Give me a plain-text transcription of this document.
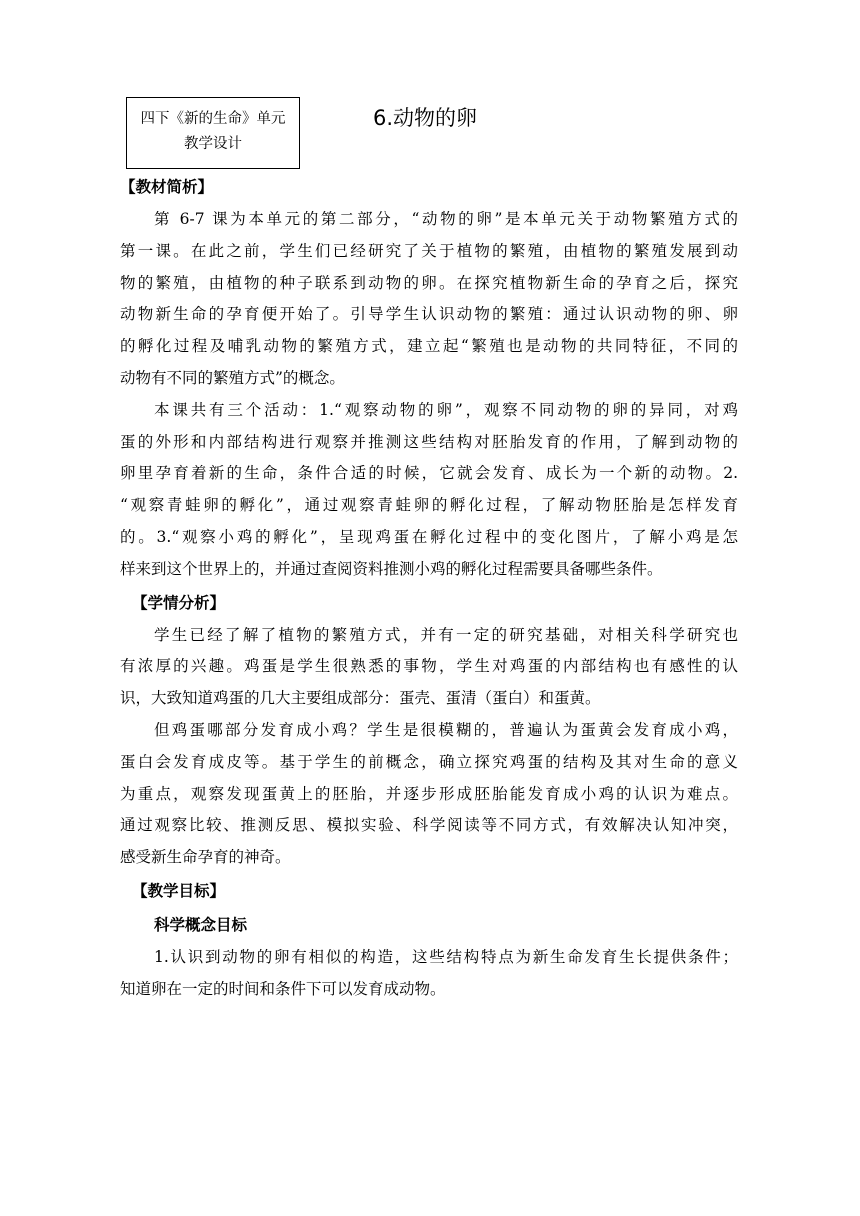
四下《新的生命》单元
教学设计
6.动物的卵
【教材简析】
第 6-7 课为本单元的第二部分，“动物的卵”是本单元关于动物繁殖方式的
第一课。在此之前，学生们已经研究了关于植物的繁殖，由植物的繁殖发展到动
物的繁殖，由植物的种子联系到动物的卵。在探究植物新生命的孕育之后，探究
动物新生命的孕育便开始了。引导学生认识动物的繁殖：通过认识动物的卵、卵
的孵化过程及哺乳动物的繁殖方式，建立起“繁殖也是动物的共同特征，不同的
动物有不同的繁殖方式”的概念。
本课共有三个活动：1.“观察动物的卵”，观察不同动物的卵的异同，对鸡
蛋的外形和内部结构进行观察并推测这些结构对胚胎发育的作用，了解到动物的
卵里孕育着新的生命，条件合适的时候，它就会发育、成长为一个新的动物。2.
“观察青蛙卵的孵化”，通过观察青蛙卵的孵化过程，了解动物胚胎是怎样发育
的。3.“观察小鸡的孵化”，呈现鸡蛋在孵化过程中的变化图片，了解小鸡是怎
样来到这个世界上的，并通过查阅资料推测小鸡的孵化过程需要具备哪些条件。
【学情分析】
学生已经了解了植物的繁殖方式，并有一定的研究基础，对相关科学研究也
有浓厚的兴趣。鸡蛋是学生很熟悉的事物，学生对鸡蛋的内部结构也有感性的认
识，大致知道鸡蛋的几大主要组成部分：蛋壳、蛋清（蛋白）和蛋黄。
但鸡蛋哪部分发育成小鸡？学生是很模糊的，普遍认为蛋黄会发育成小鸡，
蛋白会发育成皮等。基于学生的前概念，确立探究鸡蛋的结构及其对生命的意义
为重点，观察发现蛋黄上的胚胎，并逐步形成胚胎能发育成小鸡的认识为难点。
通过观察比较、推测反思、模拟实验、科学阅读等不同方式，有效解决认知冲突，
感受新生命孕育的神奇。
【教学目标】
科学概念目标
1.认识到动物的卵有相似的构造，这些结构特点为新生命发育生长提供条件；
知道卵在一定的时间和条件下可以发育成动物。
